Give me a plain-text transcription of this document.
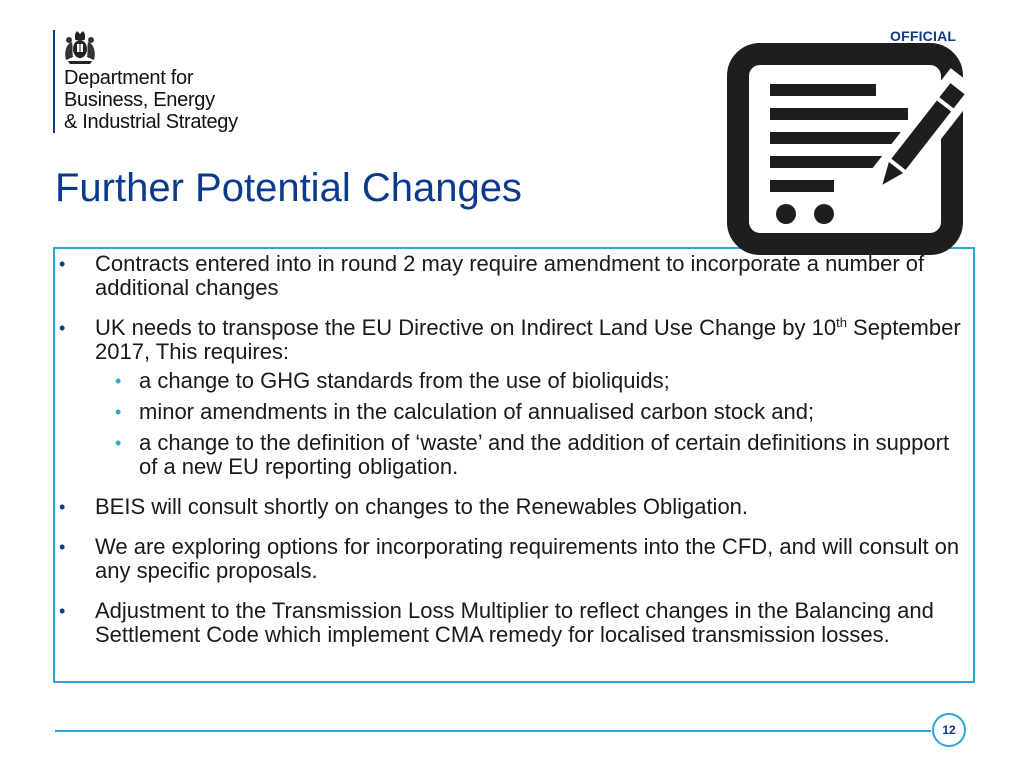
OFFICIAL
Department for
Business, Energy
& Industrial Strategy
Further Potential Changes
• Contracts entered into in round 2 may require amendment to incorporate a number of additional changes
• UK needs to transpose the EU Directive on Indirect Land Use Change by 10th September 2017, This requires:
• a change to GHG standards from the use of bioliquids;
• minor amendments in the calculation of annualised carbon stock and;
• a change to the definition of ‘waste’ and the addition of certain definitions in support of a new EU reporting obligation.
• BEIS will consult shortly on changes to the Renewables Obligation.
• We are exploring options for incorporating requirements into the CFD, and will consult on any specific proposals.
• Adjustment to the Transmission Loss Multiplier to reflect changes in the Balancing and Settlement Code which implement CMA remedy for localised transmission losses.
12
